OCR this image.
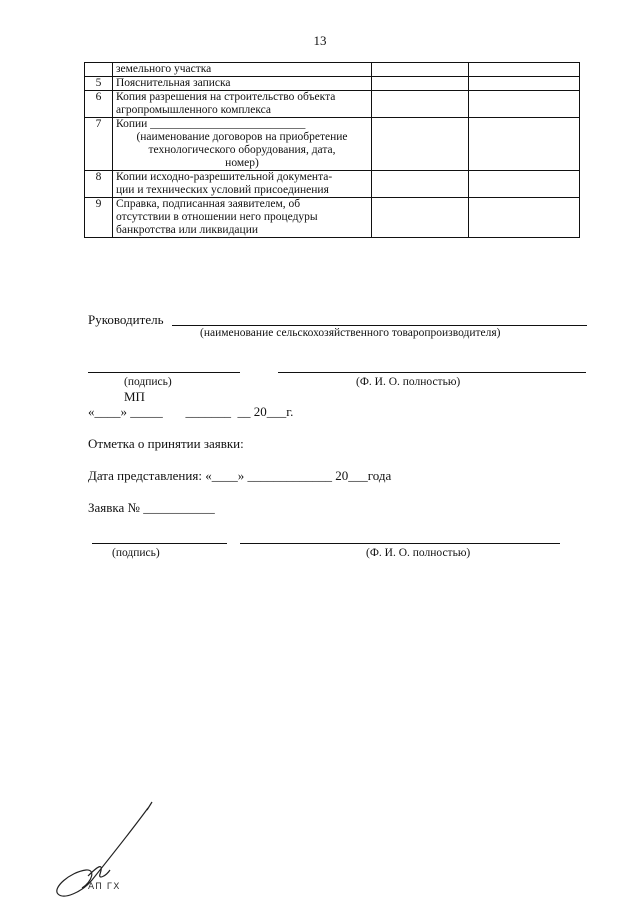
13

	земельного участка		

5	Пояснительная записка		

6	Копия разрешения на строительство объекта
агропромышленного комплекса		

7	Копии ___________________________
(наименование договоров на приобретение
технологического оборудования, дата,
номер)		

8	Копии исходно-разрешительной документа-
ции и технических условий присоединения		

9	Справка, подписанная заявителем, об
отсутствии в отношении него процедуры
банкротства или ликвидации		

Руководитель
(наименование сельскохозяйственного товаропроизводителя)
(подпись)	(Ф. И. О. полностью)
МП
«____» _____       _______  __ 20___г.
Отметка о принятии заявки:
Дата представления: «____» _____________ 20___года
Заявка № ___________
(подпись)	(Ф. И. О. полностью)
АП ГХ
